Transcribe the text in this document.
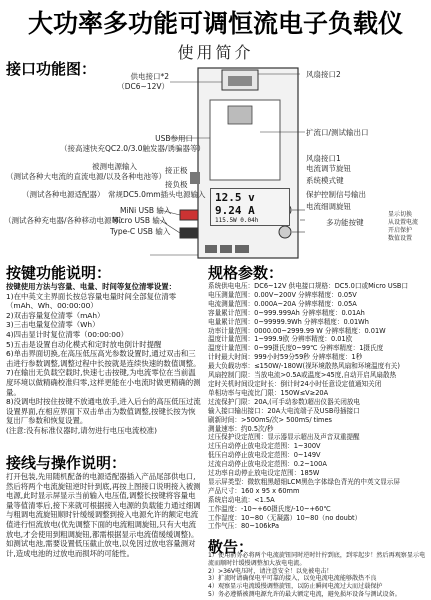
大功率多功能可调恒流电子负载仪
使用简介
接口功能图：	供电接口*2
（DC6~12V）
风扇接口2
USB参用口
（接高速快充QC2.0/3.0触发器/诱骗器等）
扩流口/测试输出口
风扇接口1
电流调节旋钮
系统模式键
被测电源输入
（测试各种大电流的直流电源/以及各种电池等）
接正极
接负极
（测试各种电源适配器） 常规DC5.0mm插头电源输入	保护控制信号输出
电流细调旋钮
MiNi USB 输入
（测试各种充电器/各种移动电源等）
Micro USB 输入
Type-C USB 输入
多功能按键
显示切换
从设置电流
开启保护
数值设置
12.5 v
9.24 A
115.5W 0.04h
按键功能说明：

按键使用方法与容量、电量、时间等复位清零设置：

1)在中英文主界面长按总容量电量时间全部复位清零（mAh、Wh、00:00:00）

2)双击容量复位清零（mAh）

3)三击电量复位清零（Wh）

4)四击显计时复位清零（00:00:00）

5)五击是设置自动化模式和定时放电倒计时提醒

6)单击界面切换,在高压低压高光参数设置时,通过双击和三击进行参数调整,调整过程中长按就是连续快速的数值调整。

7)在输出无负载空载时,快速七击按键,为电流零位在当前温度环境以做精确校准归零,这样更能在小电流时做更精确的测量。

8)没调电时按住按键不放通电放手,进入后台的高压低压过流设置界面,在相应界面下双击单击为数值调整,按键长按为恢复出厂参数和恢复设置。

(注意:没有标准仪器时,请勿进行电压电流校准)

接线与操作说明：
打开包装,先用随机配备的电源适配器插入产品尾部供电口,然后将两个电流旋钮逆时针到底,再按上图接口说明接入被测电源,此时显示屏显示当前输入电压值,调整长按键将容量电量等值清零后,接下来就可根据接入电源的负载能力通过细调与粗调电流旋钮顺时针缓缓调整到接入电源允许的额定电流值进行恒流放电(优先调整下面的电流粗调旋钮,只有大电流放电,才会使用到粗调旋钮,都需根据显示电流值缓缓调整)。如测试电池,需要设置低压截止放电,以免因过放电容量测对计,造成电池的过放电而损坏的可能性。
规格参数：
系统供电电压：DC6~12V 供电接口规格：DC5.0口或Micro USB口
电压测量范围：0.00V~200V 分辨率精度：0.05V
电流测量范围：0.000A~20A 分辨率精度：0.05A
容量累计范围：0~999.999Ah 分辨率精度：0.01Ah
电量累计范围：0~99999.9Wh 分辨率精度：0.01Wh
功率计量范围：0000.00~2999.99 W 分辨率精度：0.01W
温度计量范围：1~999.9欧 分辨率精度：0.01欧
温度计量范围：0~99摄氏度0~99℃ 分辨率精度：1摄氏度
计时最大时间：999小时59分59秒 分辨率精度：1秒
最大负载功率：≤150W/-180W(视环境散热风扇和环境温度有关)
风扇控制门限：当放电流>0.5A或温度>45度,自动开启风扇散热
定时关机时间设定时长：倒计时24小时任意设定值通知关闭
单相功率与电流比门限：150W≤V≥20A
过流保护门限：20A,(可手动参数)超出仪器关闭放电
输入接口输出接口：20A大电流端子及USB母插接口
刷新时间：>500mS/次> 500mS/ times
测量速率：约0.5次/秒
过压保护设定范围：显示器显示超出及声音双重提醒
过压自动停止放电设定范围：1~300V
低压自动停止放电设定范围：0~149V
过流自动停止放电设定范围：0.2~100A
过功率自动停止放电设定范围：185W
显示屏类型：微软粗黑超细LCM黑色字体绿色背光的中英文显示屏
产品尺寸：160 x 95 x 60mm
系统启动电流：<1.5A
工作温度：-10~+60摄氏度/-10~+60℃
工作湿度：10~80（无凝露）10~80（no doubt）
工作气压：80~106kPa
敬告：

1）使用前务必将两个电流旋钮同时逆时针拧到底，到零起步！然后再观察显示电流而顺时针缓慢调整加大放电电流。

2）>36V电压时，请注意安全！以免被电击！

3）扩流时请确保电平可靠的接入，以免电流电流能够散热不良

4）观察显示电流缓慢调整旋钮，以防止瞬间电流过大而过载保护

5）务必遵循被测电源允许的最大额定电流，避免损坏设备与测试设备。
